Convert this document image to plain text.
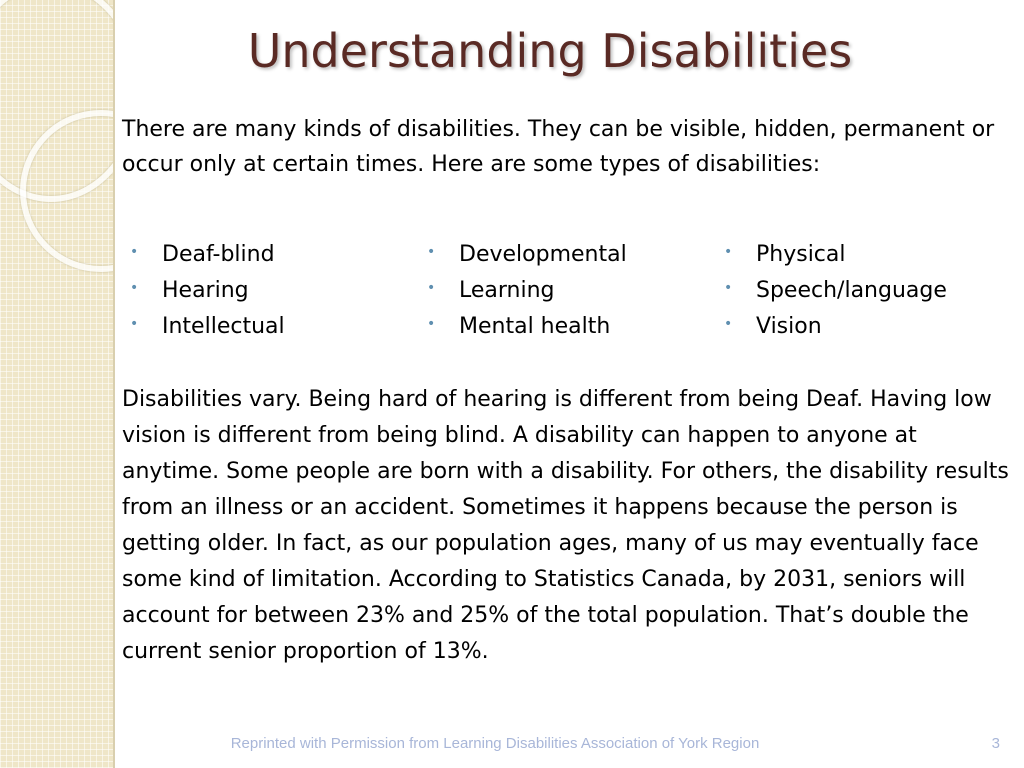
Understanding Disabilities

There are many kinds of disabilities. They can be visible, hidden, permanent or occur only at certain times. Here are some types of disabilities:

• Deaf-blind
• Hearing
• Intellectual
• Developmental
• Learning
• Mental health
• Physical
• Speech/language
• Vision

Disabilities vary. Being hard of hearing is different from being Deaf. Having low vision is different from being blind. A disability can happen to anyone at anytime. Some people are born with a disability. For others, the disability results from an illness or an accident. Sometimes it happens because the person is getting older. In fact, as our population ages, many of us may eventually face some kind of limitation. According to Statistics Canada, by 2031, seniors will account for between 23% and 25% of the total population. That’s double the current senior proportion of 13%.

Reprinted with Permission from Learning Disabilities Association of York Region	3
